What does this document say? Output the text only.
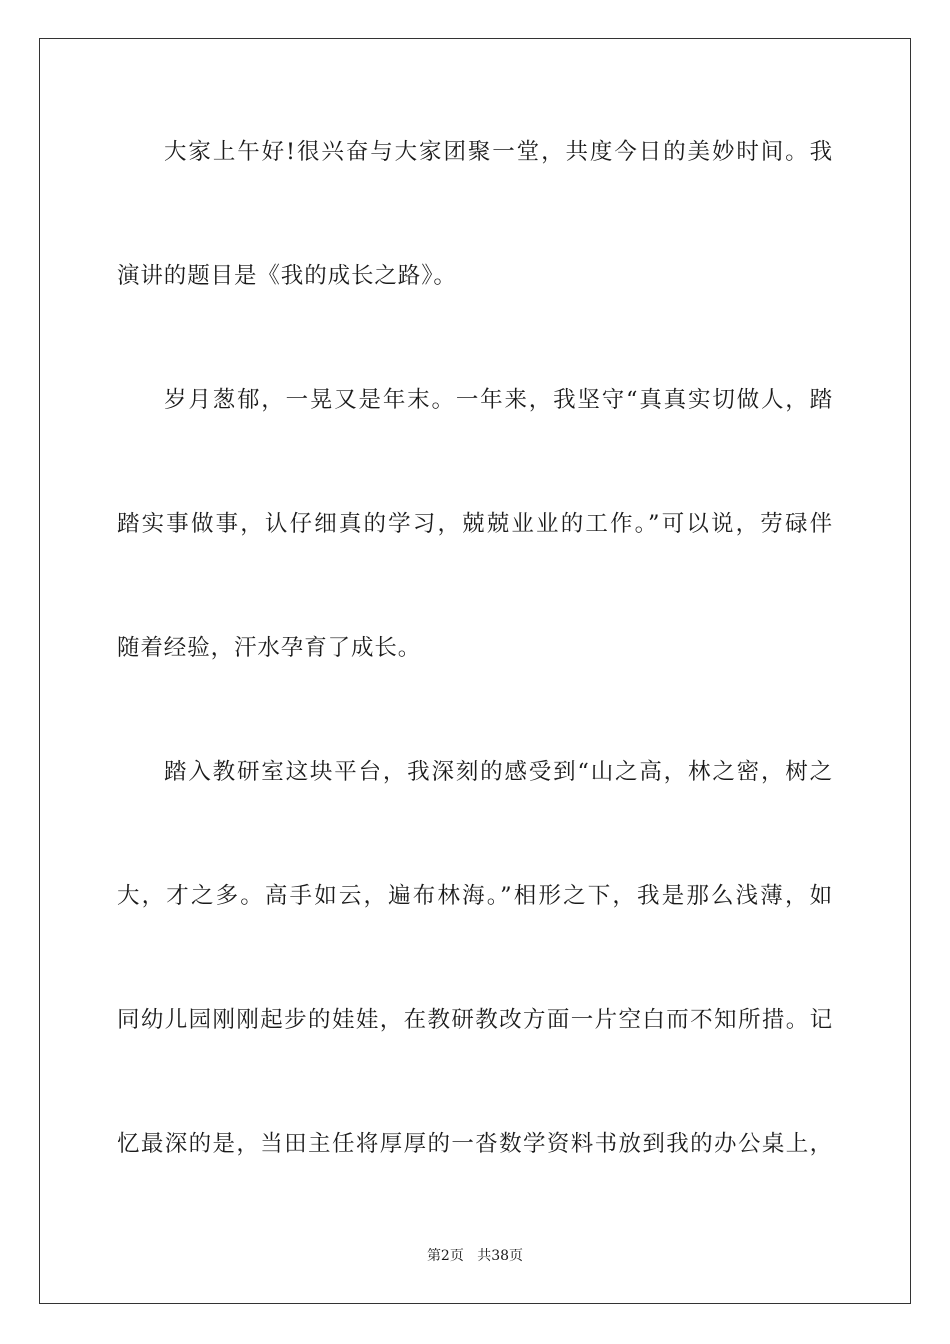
大家上午好!很兴奋与大家团聚一堂，共度今日的美妙时间。我
演讲的题目是《我的成长之路》。
岁月葱郁，一晃又是年末。一年来，我坚守“真真实切做人，踏
踏实事做事，认仔细真的学习，兢兢业业的工作。”可以说，劳碌伴
随着经验，汗水孕育了成长。
踏入教研室这块平台，我深刻的感受到“山之高，林之密，树之
大，才之多。高手如云，遍布林海。”相形之下，我是那么浅薄，如
同幼儿园刚刚起步的娃娃，在教研教改方面一片空白而不知所措。记
忆最深的是，当田主任将厚厚的一沓数学资料书放到我的办公桌上，
第2页 共38页
